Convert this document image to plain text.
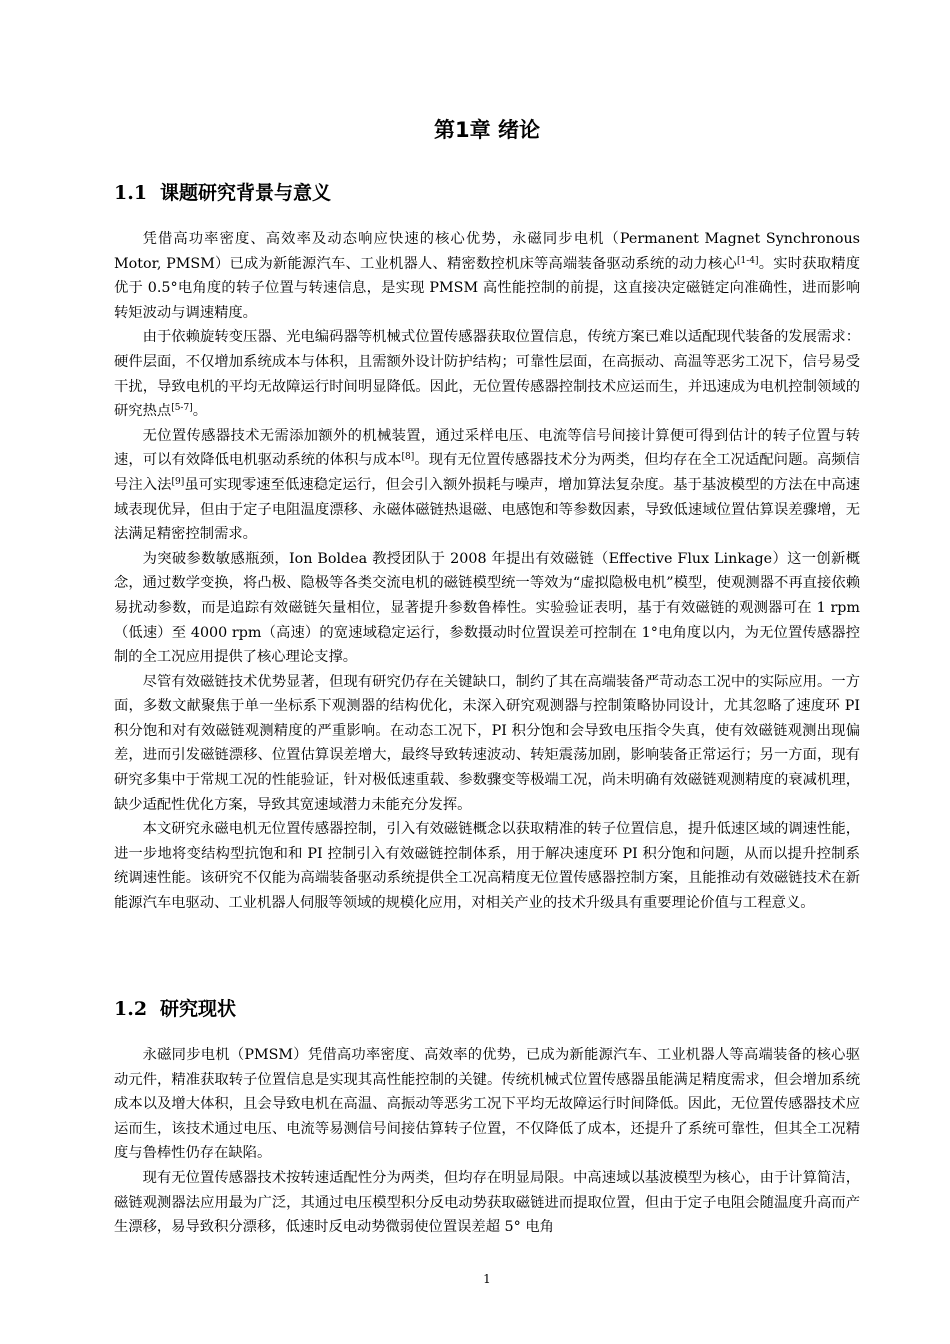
第1章 绪论
1.1 课题研究背景与意义

凭借高功率密度、高效率及动态响应快速的核心优势，永磁同步电机（Permanent Magnet Synchronous Motor, PMSM）已成为新能源汽车、工业机器人、精密数控机床等高端装备驱动系统的动力核心[1-4]。实时获取精度优于 0.5°电角度的转子位置与转速信息，是实现 PMSM 高性能控制的前提，这直接决定磁链定向准确性，进而影响转矩波动与调速精度。

由于依赖旋转变压器、光电编码器等机械式位置传感器获取位置信息，传统方案已难以适配现代装备的发展需求：硬件层面，不仅增加系统成本与体积，且需额外设计防护结构；可靠性层面，在高振动、高温等恶劣工况下，信号易受干扰，导致电机的平均无故障运行时间明显降低。因此，无位置传感器控制技术应运而生，并迅速成为电机控制领域的研究热点[5-7]。

无位置传感器技术无需添加额外的机械装置，通过采样电压、电流等信号间接计算便可得到估计的转子位置与转速，可以有效降低电机驱动系统的体积与成本[8]。现有无位置传感器技术分为两类，但均存在全工况适配问题。高频信号注入法[9]虽可实现零速至低速稳定运行，但会引入额外损耗与噪声，增加算法复杂度。基于基波模型的方法在中高速域表现优异，但由于定子电阻温度漂移、永磁体磁链热退磁、电感饱和等参数因素，导致低速域位置估算误差骤增，无法满足精密控制需求。

为突破参数敏感瓶颈，Ion Boldea 教授团队于 2008 年提出有效磁链（Effective Flux Linkage）这一创新概念，通过数学变换，将凸极、隐极等各类交流电机的磁链模型统一等效为“虚拟隐极电机”模型，使观测器不再直接依赖易扰动参数，而是追踪有效磁链矢量相位，显著提升参数鲁棒性。实验验证表明，基于有效磁链的观测器可在 1 rpm（低速）至 4000 rpm（高速）的宽速域稳定运行，参数摄动时位置误差可控制在 1°电角度以内，为无位置传感器控制的全工况应用提供了核心理论支撑。

尽管有效磁链技术优势显著，但现有研究仍存在关键缺口，制约了其在高端装备严苛动态工况中的实际应用。一方面，多数文献聚焦于单一坐标系下观测器的结构优化，未深入研究观测器与控制策略协同设计，尤其忽略了速度环 PI 积分饱和对有效磁链观测精度的严重影响。在动态工况下，PI 积分饱和会导致电压指令失真，使有效磁链观测出现偏差，进而引发磁链漂移、位置估算误差增大，最终导致转速波动、转矩震荡加剧，影响装备正常运行；另一方面，现有研究多集中于常规工况的性能验证，针对极低速重载、参数骤变等极端工况，尚未明确有效磁链观测精度的衰减机理，缺少适配性优化方案，导致其宽速域潜力未能充分发挥。

本文研究永磁电机无位置传感器控制，引入有效磁链概念以获取精准的转子位置信息，提升低速区域的调速性能，进一步地将变结构型抗饱和和 PI 控制引入有效磁链控制体系，用于解决速度环 PI 积分饱和问题，从而以提升控制系统调速性能。该研究不仅能为高端装备驱动系统提供全工况高精度无位置传感器控制方案，且能推动有效磁链技术在新能源汽车电驱动、工业机器人伺服等领域的规模化应用，对相关产业的技术升级具有重要理论价值与工程意义。

1.2 研究现状

永磁同步电机（PMSM）凭借高功率密度、高效率的优势，已成为新能源汽车、工业机器人等高端装备的核心驱动元件，精准获取转子位置信息是实现其高性能控制的关键。传统机械式位置传感器虽能满足精度需求，但会增加系统成本以及增大体积，且会导致电机在高温、高振动等恶劣工况下平均无故障运行时间降低。因此，无位置传感器技术应运而生，该技术通过电压、电流等易测信号间接估算转子位置，不仅降低了成本，还提升了系统可靠性，但其全工况精度与鲁棒性仍存在缺陷。

现有无位置传感器技术按转速适配性分为两类，但均存在明显局限。中高速域以基波模型为核心，由于计算简洁，磁链观测器法应用最为广泛，其通过电压模型积分反电动势获取磁链进而提取位置，但由于定子电阻会随温度升高而产生漂移，易导致积分漂移，低速时反电动势微弱使位置误差超 5° 电角

1
